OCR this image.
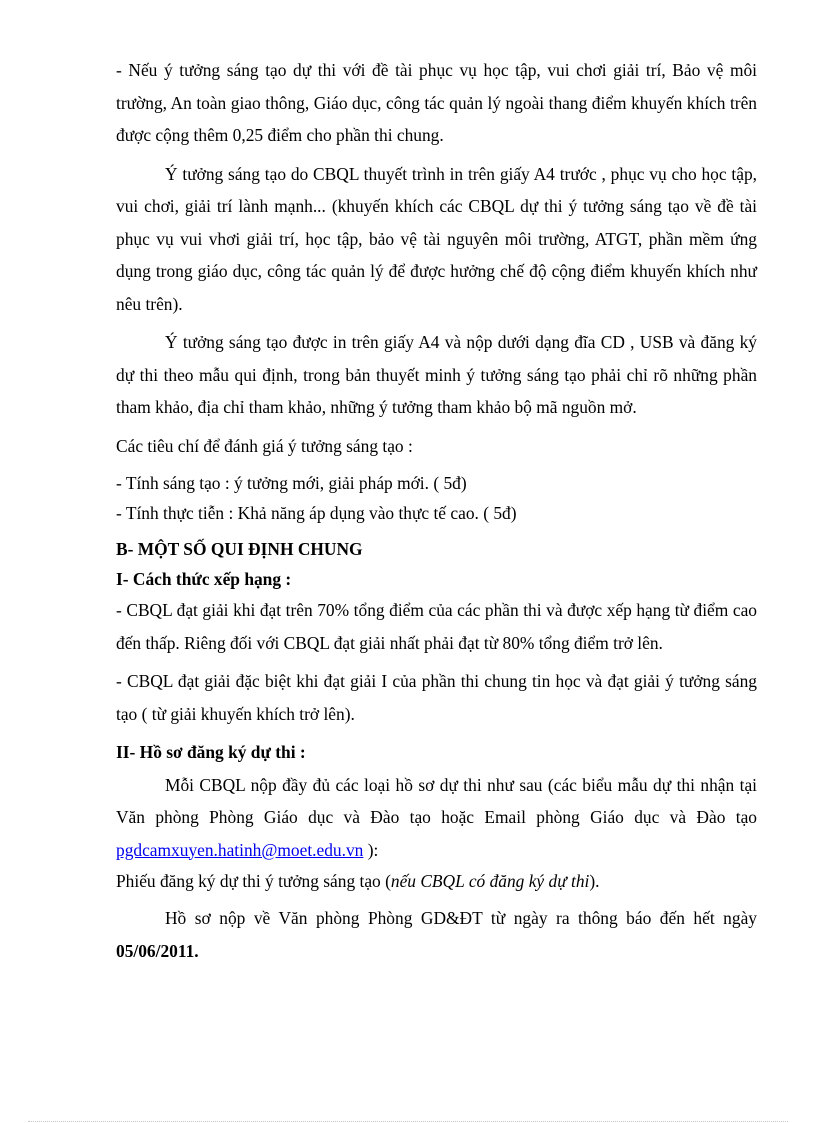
- Nếu ý tưởng sáng tạo dự thi với đề tài phục vụ học tập, vui chơi giải trí, Bảo vệ môi trường, An toàn giao thông, Giáo dục, công tác quản lý ngoài thang điểm khuyến khích trên được cộng thêm 0,25 điểm cho phần thi chung.

Ý tưởng sáng tạo do CBQL thuyết trình in trên giấy A4 trước , phục vụ cho học tập, vui chơi, giải trí lành mạnh... (khuyến khích các CBQL dự thi ý tưởng sáng tạo về đề tài phục vụ vui vhơi giải trí, học tập, bảo vệ tài nguyên môi trường, ATGT, phần mềm ứng dụng trong giáo dục, công tác quản lý để được hưởng chế độ cộng điểm khuyến khích như nêu trên).

Ý tưởng sáng tạo được in trên giấy A4 và nộp dưới dạng đĩa CD , USB và đăng ký dự thi theo mẫu qui định, trong bản thuyết minh ý tưởng sáng tạo phải chỉ rõ những phần tham khảo, địa chỉ tham khảo, những ý tưởng tham khảo bộ mã nguồn mở.

Các tiêu chí để đánh giá ý tưởng sáng tạo :

- Tính sáng tạo : ý tưởng mới, giải pháp mới. ( 5đ)

- Tính thực tiễn : Khả năng áp dụng vào thực tế cao. ( 5đ)

B- MỘT SỐ QUI ĐỊNH CHUNG

I- Cách thức xếp hạng :

- CBQL đạt giải khi đạt trên 70% tổng điểm của các phần thi và được xếp hạng từ điểm cao đến thấp. Riêng đối với CBQL đạt giải nhất phải đạt từ 80% tổng điểm trở lên.

- CBQL đạt giải đặc biệt khi đạt giải I của phần thi chung tin học và đạt giải ý tưởng sáng tạo ( từ giải khuyến khích trở lên).

II- Hồ sơ đăng ký dự thi :

Mỗi CBQL nộp đầy đủ các loại hồ sơ dự thi như sau (các biểu mẫu dự thi nhận tại Văn phòng Phòng Giáo dục và Đào tạo hoặc Email phòng Giáo dục và Đào tạo pgdcamxuyen.hatinh@moet.edu.vn ):

Phiếu đăng ký dự thi ý tưởng sáng tạo (nếu CBQL có đăng ký dự thi).

Hồ sơ nộp về Văn phòng Phòng GD&ĐT từ ngày ra thông báo đến hết ngày 05/06/2011.
